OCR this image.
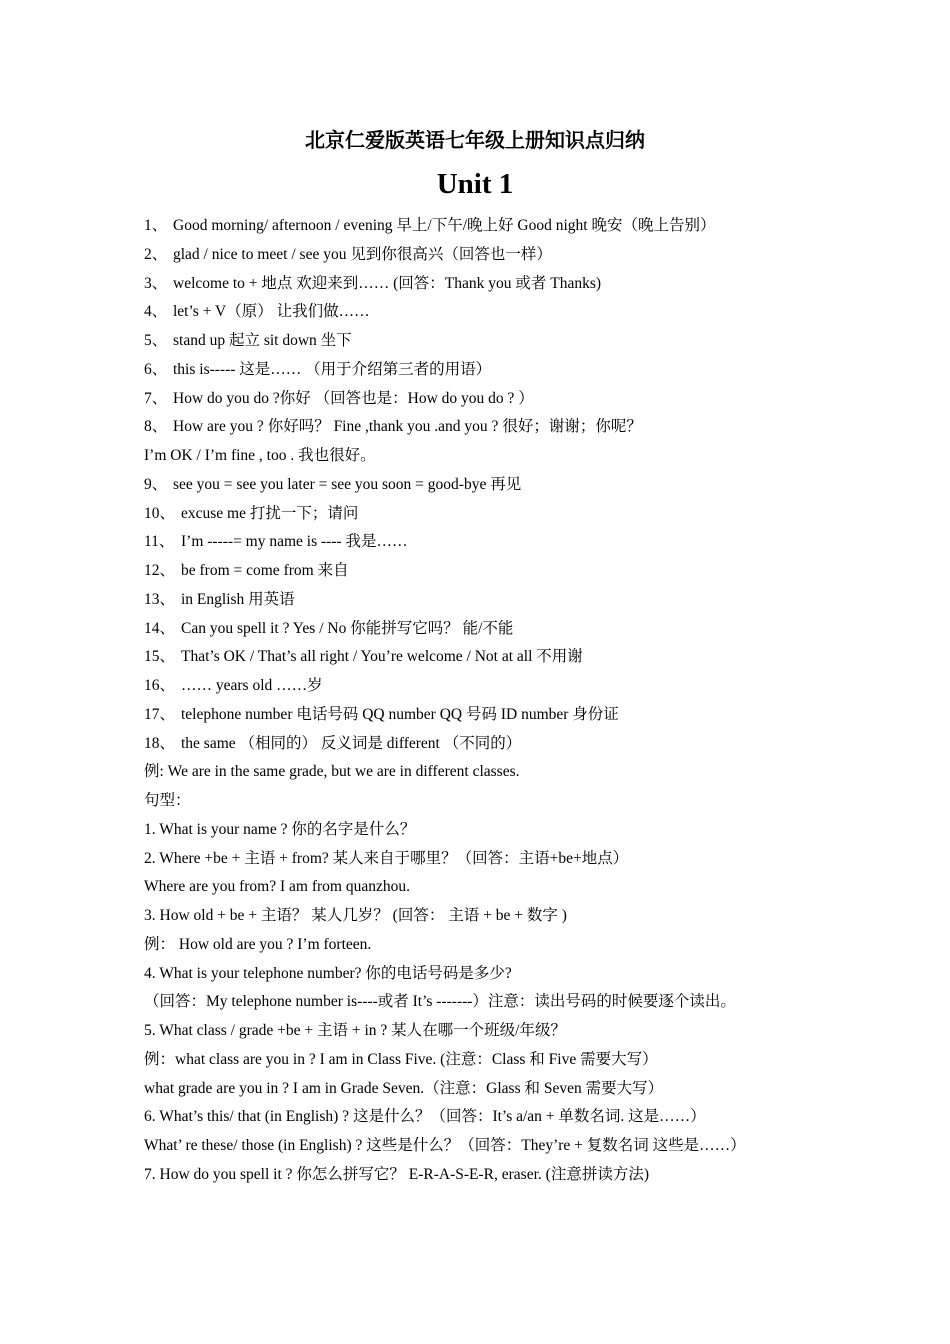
北京仁爱版英语七年级上册知识点归纳
Unit 1
1、 Good morning/ afternoon / evening 早上/下午/晚上好 Good night 晚安（晚上告别）
2、 glad / nice to meet / see you 见到你很高兴（回答也一样）
3、 welcome to + 地点 欢迎来到…… (回答：Thank you 或者 Thanks)
4、 let’s + V（原） 让我们做……
5、 stand up 起立 sit down 坐下
6、 this is----- 这是…… （用于介绍第三者的用语）
7、 How do you do ?你好 （回答也是：How do you do ? ）
8、 How are you ? 你好吗？ Fine ,thank you .and you ? 很好；谢谢；你呢？
I’m OK / I’m fine , too . 我也很好。
9、 see you = see you later = see you soon = good-bye 再见
10、 excuse me 打扰一下；请问
11、 I’m -----= my name is ---- 我是……
12、 be from = come from 来自
13、 in English 用英语
14、 Can you spell it ? Yes / No 你能拼写它吗？ 能/不能
15、 That’s OK / That’s all right / You’re welcome / Not at all 不用谢
16、 …… years old ……岁
17、 telephone number 电话号码 QQ number QQ 号码 ID number 身份证
18、 the same （相同的） 反义词是 different （不同的）
例: We are in the same grade, but we are in different classes.
句型：
1. What is your name ? 你的名字是什么？
2. Where +be + 主语 + from? 某人来自于哪里？（回答：主语+be+地点）
Where are you from? I am from quanzhou.
3. How old + be + 主语？ 某人几岁？ (回答： 主语 + be + 数字 )
例： How old are you ? I’m forteen.
4. What is your telephone number? 你的电话号码是多少?
（回答：My telephone number is----或者 It’s -------）注意：读出号码的时候要逐个读出。
5. What class / grade +be + 主语 + in ? 某人在哪一个班级/年级？
例：what class are you in ? I am in Class Five. (注意：Class 和 Five 需要大写）
what grade are you in ? I am in Grade Seven.（注意：Glass 和 Seven 需要大写）
6. What’s this/ that (in English) ? 这是什么？（回答：It’s a/an + 单数名词. 这是……）
What’ re these/ those (in English) ? 这些是什么？（回答：They’re + 复数名词 这些是……）
7. How do you spell it ? 你怎么拼写它？ E-R-A-S-E-R, eraser. (注意拼读方法)
